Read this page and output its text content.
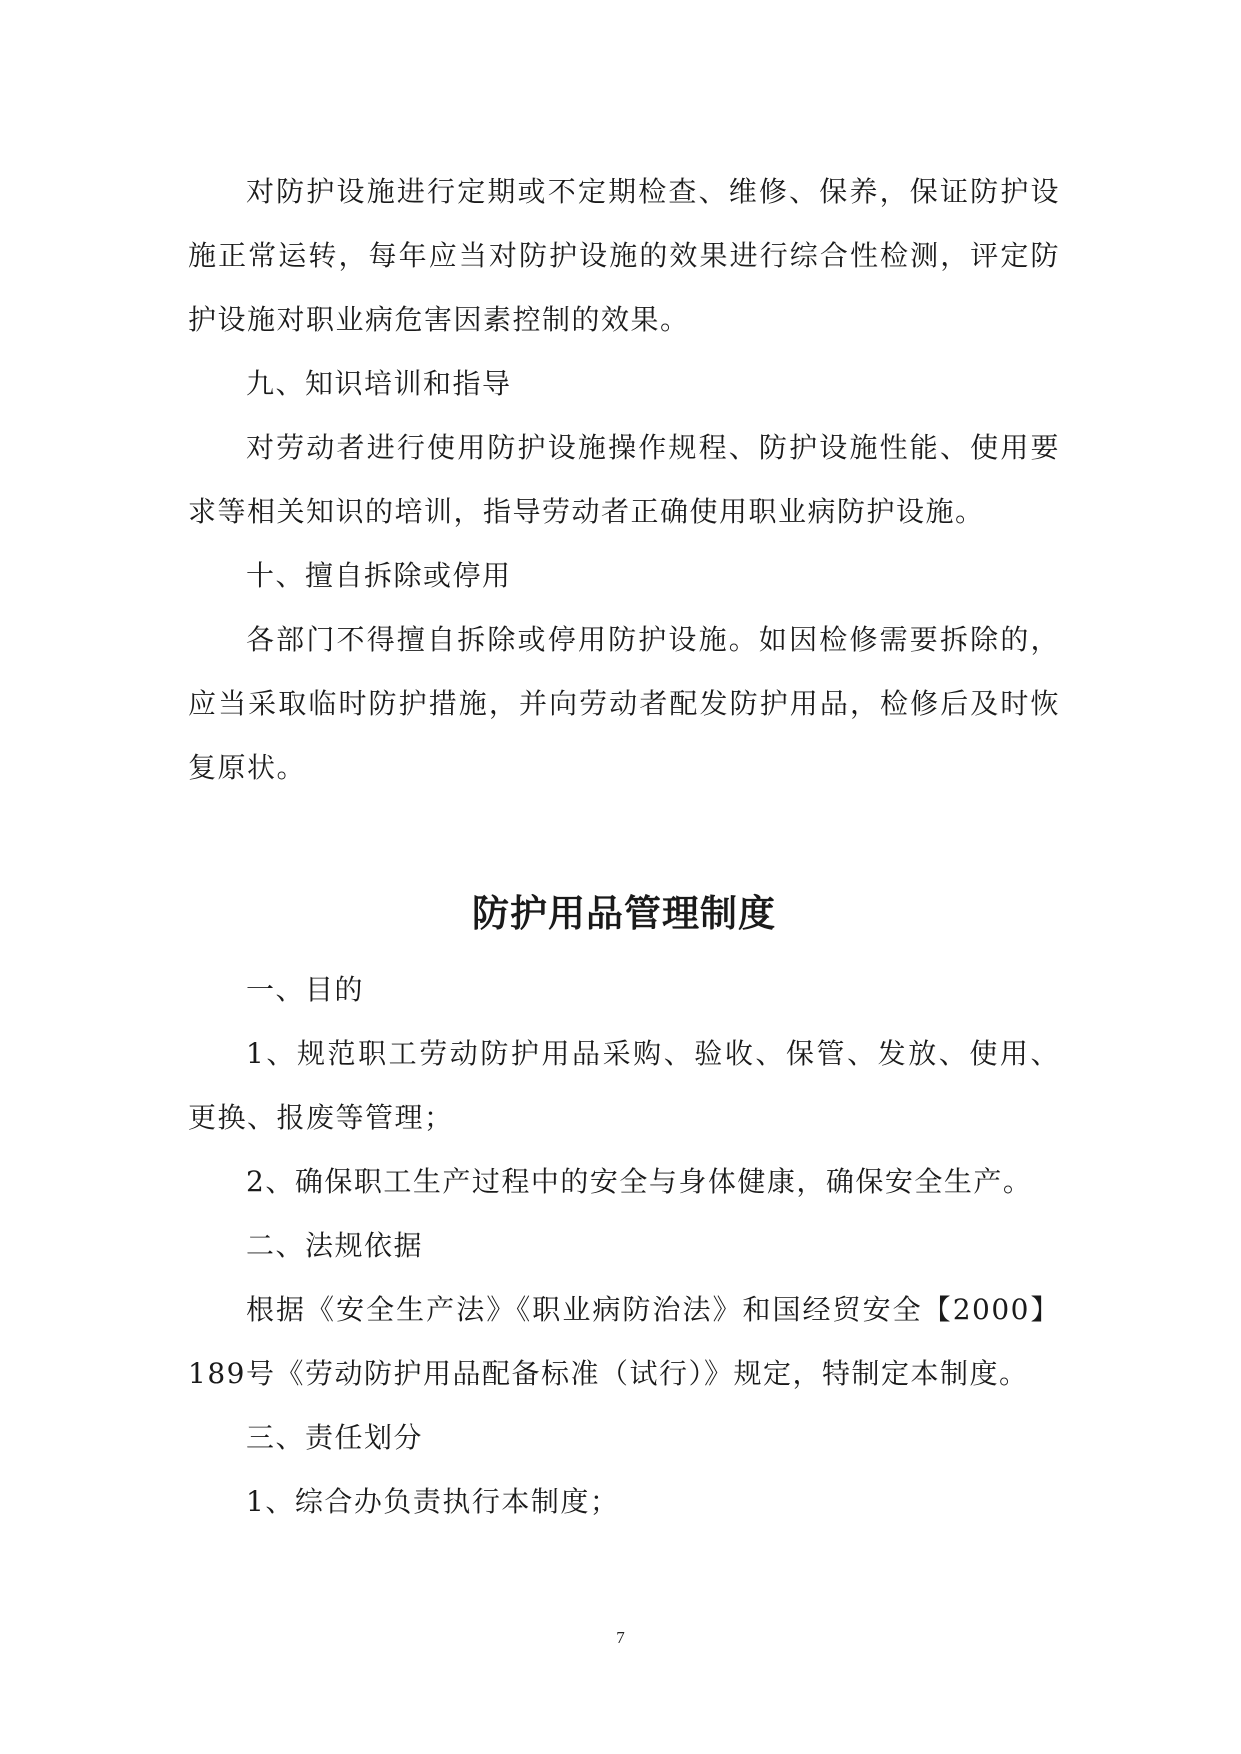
对防护设施进行定期或不定期检查、维修、保养，保证防护设施正常运转，每年应当对防护设施的效果进行综合性检测，评定防护设施对职业病危害因素控制的效果。

九、知识培训和指导

对劳动者进行使用防护设施操作规程、防护设施性能、使用要求等相关知识的培训，指导劳动者正确使用职业病防护设施。

十、擅自拆除或停用

各部门不得擅自拆除或停用防护设施。如因检修需要拆除的，应当采取临时防护措施，并向劳动者配发防护用品，检修后及时恢复原状。

防护用品管理制度

一、目的

1、规范职工劳动防护用品采购、验收、保管、发放、使用、更换、报废等管理；

2、确保职工生产过程中的安全与身体健康，确保安全生产。

二、法规依据

根据《安全生产法》《职业病防治法》和国经贸安全【2000】189号《劳动防护用品配备标准（试行）》规定，特制定本制度。

三、责任划分

1、综合办负责执行本制度；

7
